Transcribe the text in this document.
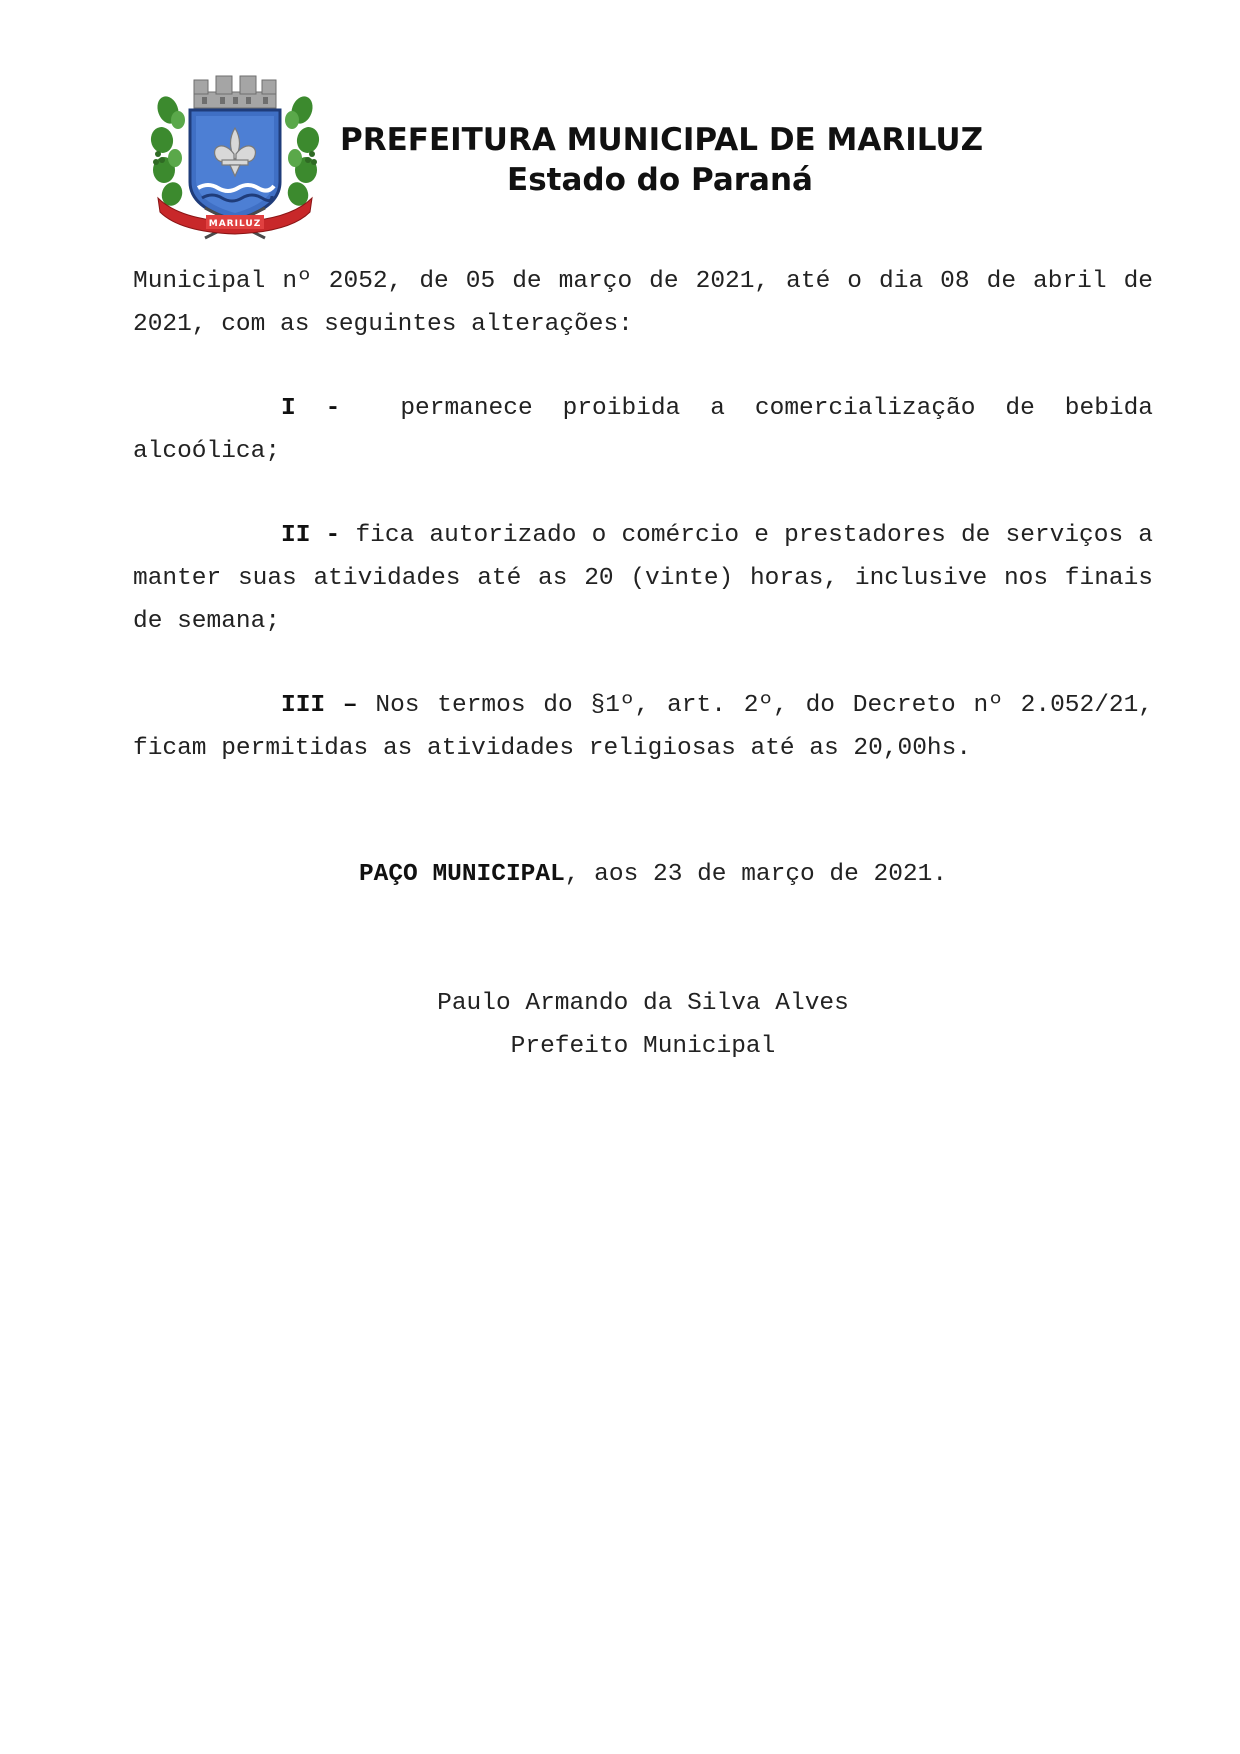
MARILUZ
PREFEITURA MUNICIPAL DE MARILUZ
Estado do Paraná

Municipal nº 2052, de 05 de março de 2021, até o dia 08 de abril de 2021, com as seguintes alterações:

I - permanece proibida a comercialização de bebida alcoólica;

II - fica autorizado o comércio e prestadores de serviços a manter suas atividades até as 20 (vinte) horas, inclusive nos finais de semana;

III – Nos termos do §1º, art. 2º, do Decreto nº 2.052/21, ficam permitidas as atividades religiosas até as 20,00hs.

PAÇO MUNICIPAL, aos 23 de março de 2021.
Paulo Armando da Silva Alves
Prefeito Municipal
